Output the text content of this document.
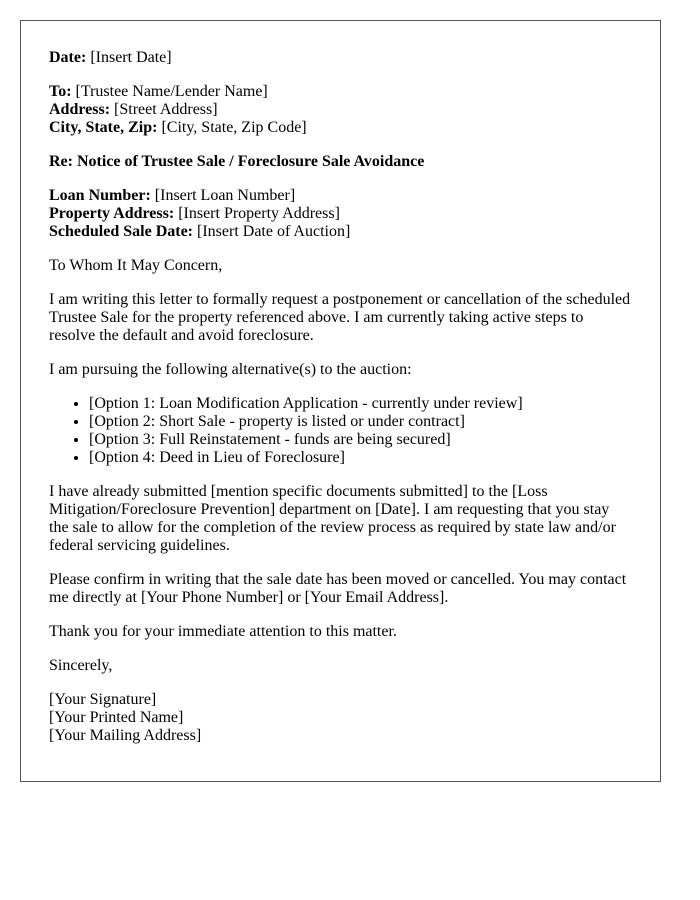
Date: [Insert Date]

To: [Trustee Name/Lender Name]
Address: [Street Address]
City, State, Zip: [City, State, Zip Code]

Re: Notice of Trustee Sale / Foreclosure Sale Avoidance

Loan Number: [Insert Loan Number]
Property Address: [Insert Property Address]
Scheduled Sale Date: [Insert Date of Auction]

To Whom It May Concern,

I am writing this letter to formally request a postponement or cancellation of the scheduled Trustee Sale for the property referenced above. I am currently taking active steps to resolve the default and avoid foreclosure.

I am pursuing the following alternative(s) to the auction:

• [Option 1: Loan Modification Application - currently under review]
• [Option 2: Short Sale - property is listed or under contract]
• [Option 3: Full Reinstatement - funds are being secured]
• [Option 4: Deed in Lieu of Foreclosure]

I have already submitted [mention specific documents submitted] to the [Loss Mitigation/Foreclosure Prevention] department on [Date]. I am requesting that you stay the sale to allow for the completion of the review process as required by state law and/or federal servicing guidelines.

Please confirm in writing that the sale date has been moved or cancelled. You may contact me directly at [Your Phone Number] or [Your Email Address].

Thank you for your immediate attention to this matter.

Sincerely,

[Your Signature]
[Your Printed Name]
[Your Mailing Address]
